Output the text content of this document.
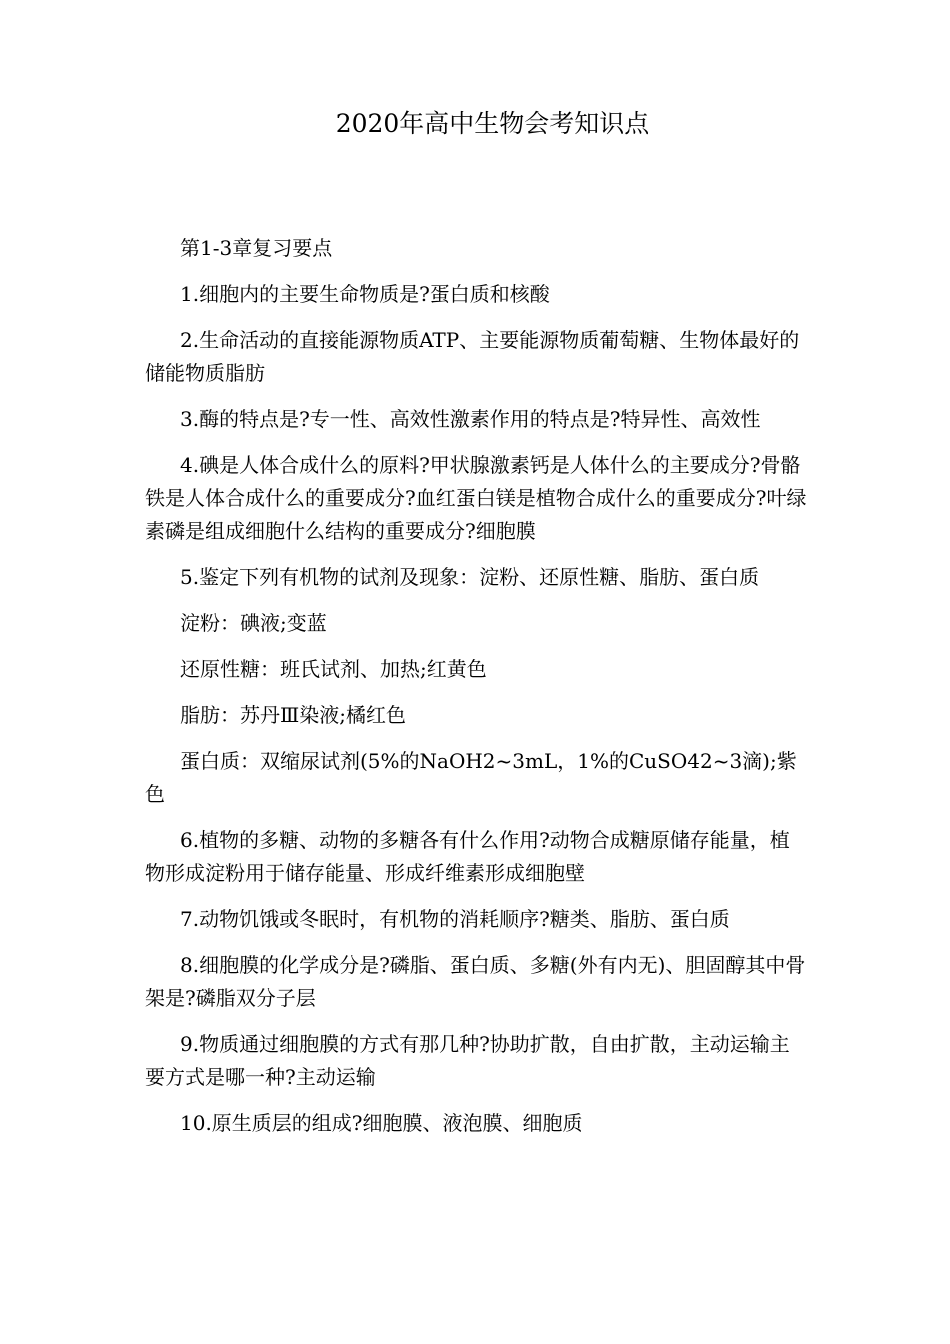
2020年高中生物会考知识点

第1-3章复习要点

1.细胞内的主要生命物质是?蛋白质和核酸

2.生命活动的直接能源物质ATP、主要能源物质葡萄糖、生物体最好的储能物质脂肪

3.酶的特点是?专一性、高效性激素作用的特点是?特异性、高效性

4.碘是人体合成什么的原料?甲状腺激素钙是人体什么的主要成分?骨骼铁是人体合成什么的重要成分?血红蛋白镁是植物合成什么的重要成分?叶绿素磷是组成细胞什么结构的重要成分?细胞膜

5.鉴定下列有机物的试剂及现象：淀粉、还原性糖、脂肪、蛋白质

淀粉：碘液;变蓝

还原性糖：班氏试剂、加热;红黄色

脂肪：苏丹Ⅲ染液;橘红色

蛋白质：双缩尿试剂(5%的NaOH2~3mL，1%的CuSO42~3滴);紫色

6.植物的多糖、动物的多糖各有什么作用?动物合成糖原储存能量，植物形成淀粉用于储存能量、形成纤维素形成细胞壁

7.动物饥饿或冬眠时，有机物的消耗顺序?糖类、脂肪、蛋白质

8.细胞膜的化学成分是?磷脂、蛋白质、多糖(外有内无)、胆固醇其中骨架是?磷脂双分子层

9.物质通过细胞膜的方式有那几种?协助扩散，自由扩散，主动运输主要方式是哪一种?主动运输

10.原生质层的组成?细胞膜、液泡膜、细胞质
